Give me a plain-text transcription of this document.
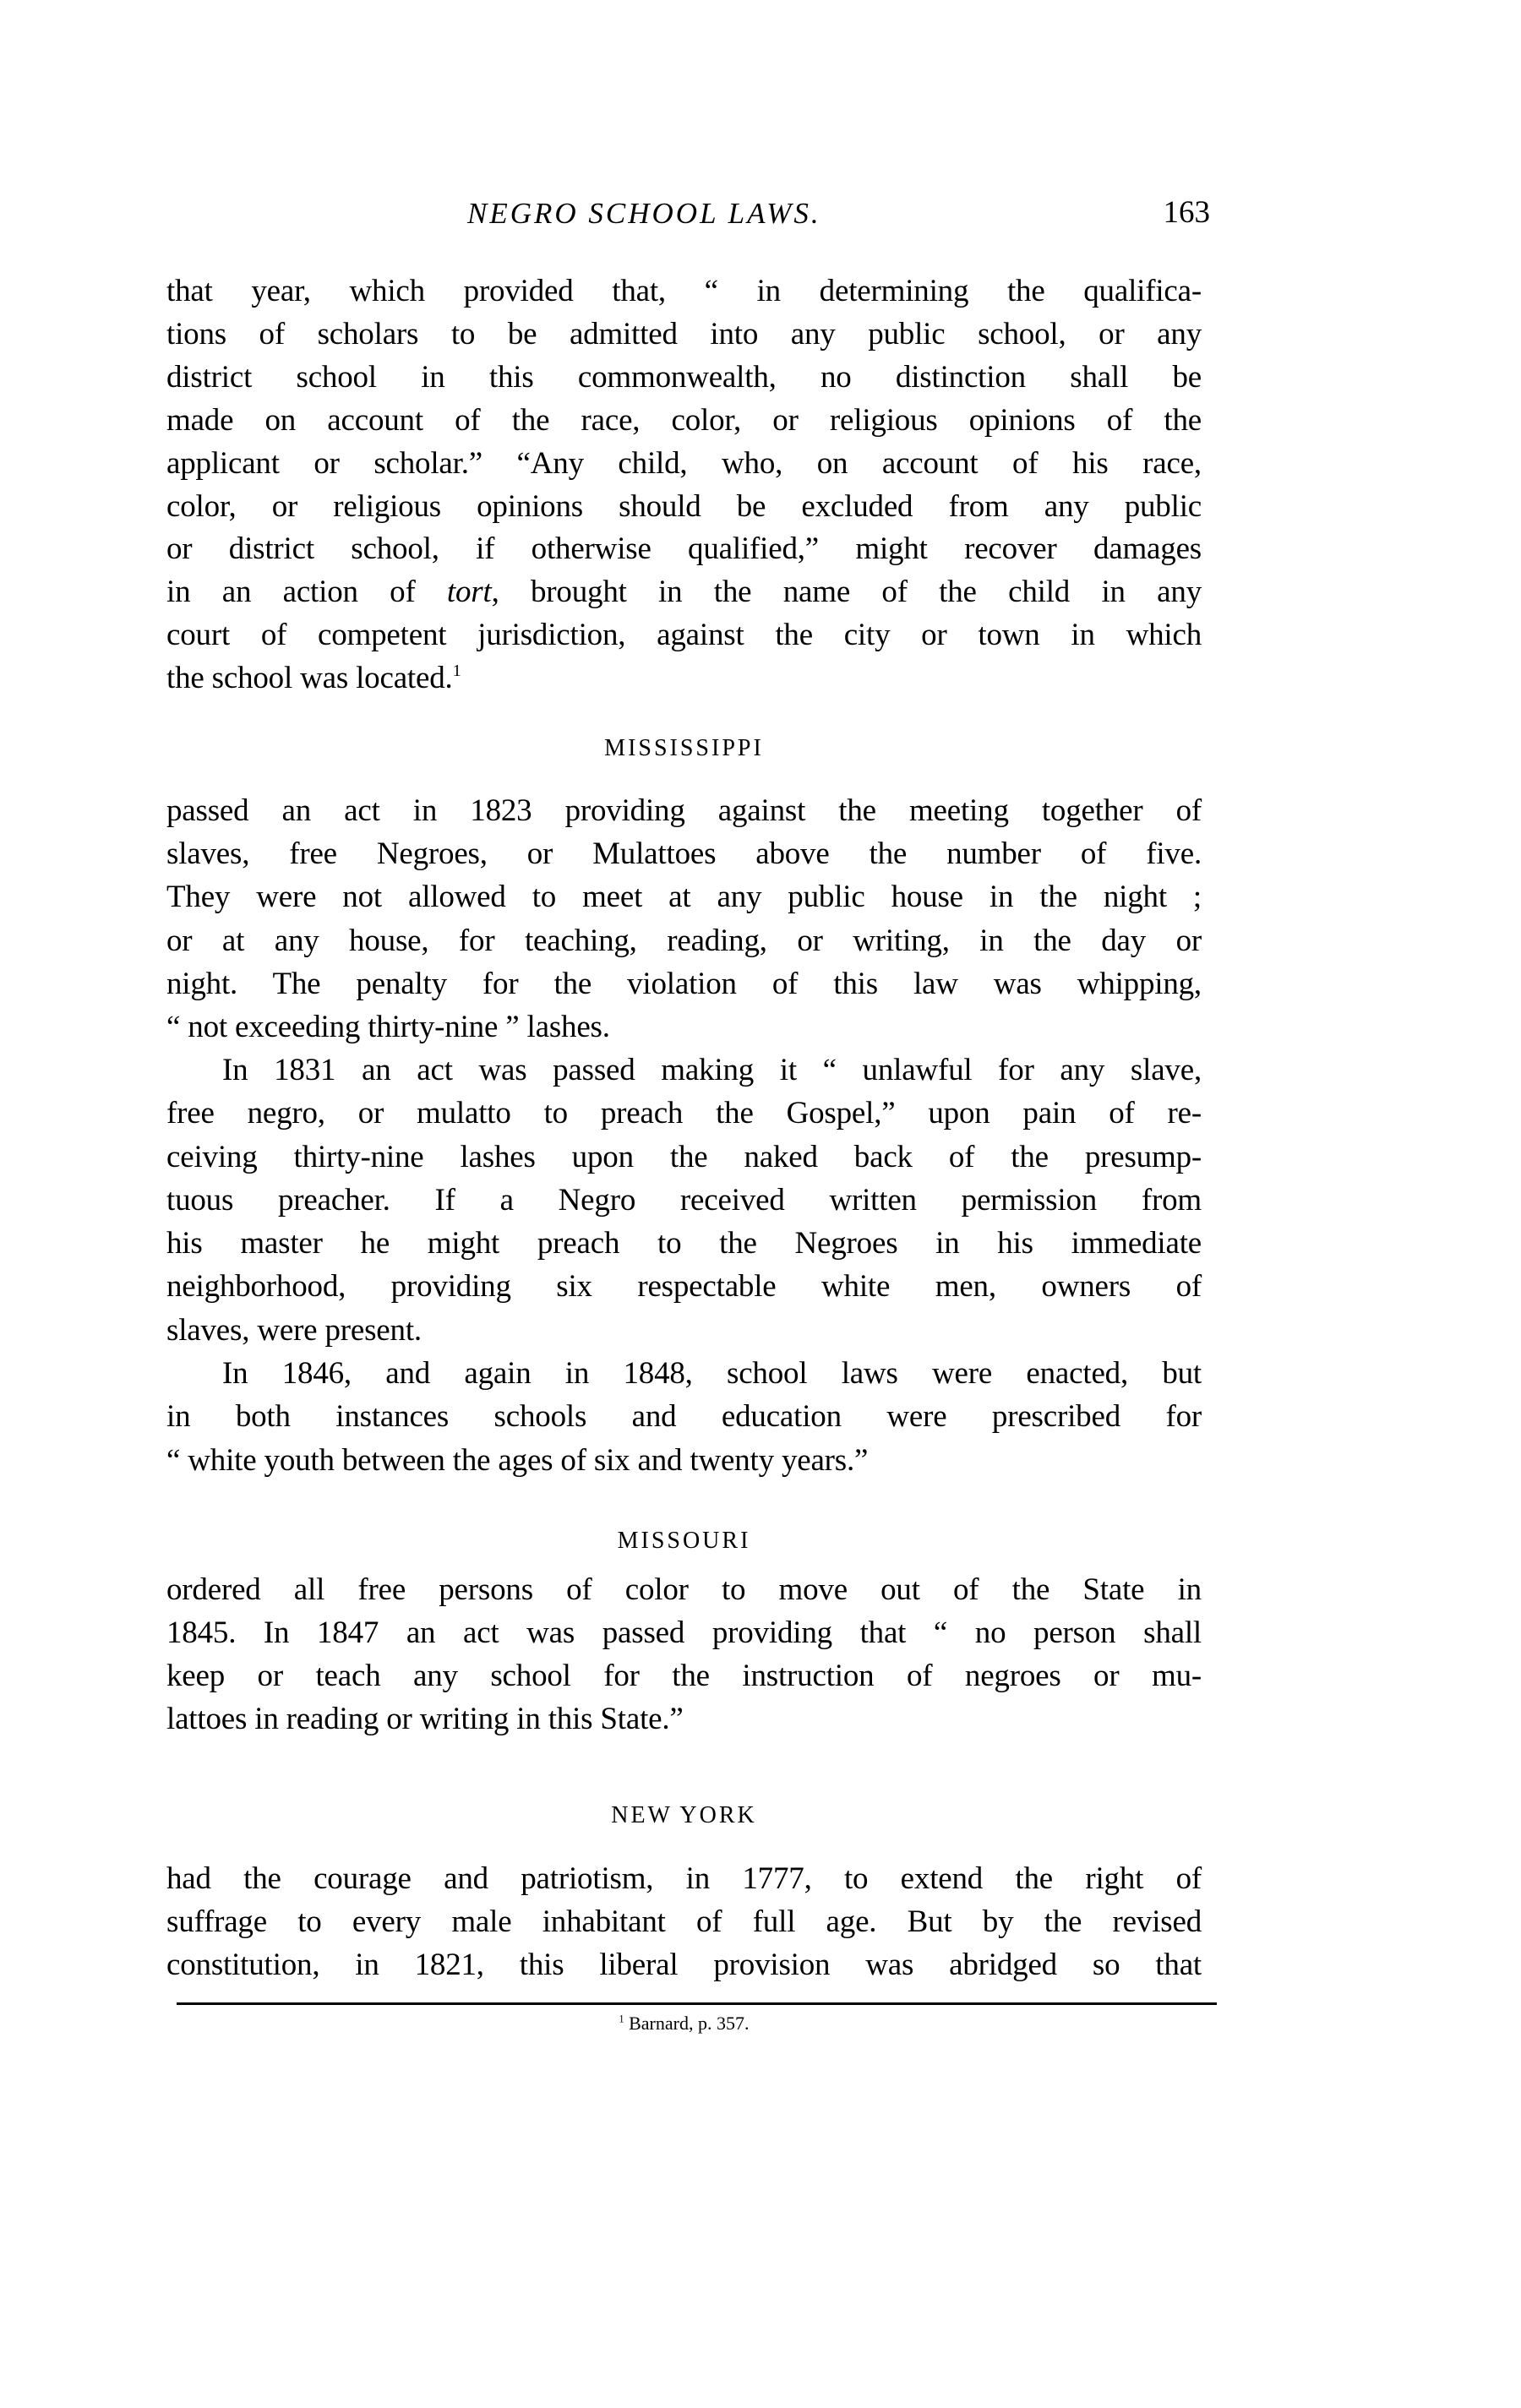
NEGRO SCHOOL LAWS.	163
that year, which provided that, “ in determining the qualifica-
tions of scholars to be admitted into any public school, or any
district school in this commonwealth, no distinction shall be
made on account of the race, color, or religious opinions of the
applicant or scholar.” “Any child, who, on account of his race,
color, or religious opinions should be excluded from any public
or district school, if otherwise qualified,” might recover damages
in an action of tort, brought in the name of the child in any
court of competent jurisdiction, against the city or town in which
the school was located.$^1$
MISSISSIPPI
passed an act in 1823 providing against the meeting together of
slaves, free Negroes, or Mulattoes above the number of five.
They were not allowed to meet at any public house in the night ;
or at any house, for teaching, reading, or writing, in the day or
night. The penalty for the violation of this law was whipping,
“ not exceeding thirty-nine ” lashes.
In 1831 an act was passed making it “ unlawful for any slave,
free negro, or mulatto to preach the Gospel,” upon pain of re-
ceiving thirty-nine lashes upon the naked back of the presump-
tuous preacher. If a Negro received written permission from
his master he might preach to the Negroes in his immediate
neighborhood, providing six respectable white men, owners of
slaves, were present.
In 1846, and again in 1848, school laws were enacted, but
in both instances schools and education were prescribed for
“ white youth between the ages of six and twenty years.”
MISSOURI
ordered all free persons of color to move out of the State in
1845. In 1847 an act was passed providing that “ no person shall
keep or teach any school for the instruction of negroes or mu-
lattoes in reading or writing in this State.”
NEW YORK
had the courage and patriotism, in 1777, to extend the right of
suffrage to every male inhabitant of full age. But by the revised
constitution, in 1821, this liberal provision was abridged so that
$^1$ Barnard, p. 357.
